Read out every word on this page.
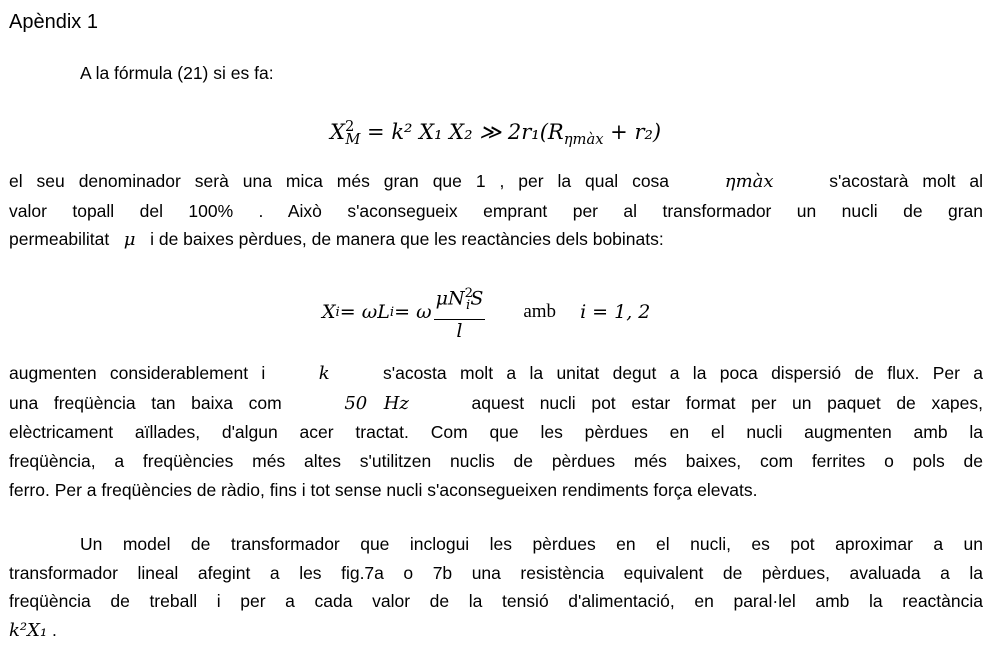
Apèndix 1
A la fórmula (21) si es fa:
$X^2_M = k^2$ X₁ X₂ ≫ $2r_1(R_{\eta màx} + r_2)$
el seu denominador serà una mica més gran que 1 , per la qual cosa	ηmàx	s'acostarà molt al
valor topall del 100% . Això s'aconsegueix emprant per al transformador un nucli de gran
permeabilitat μ i de baixes pèrdues, de manera que les reactàncies dels bobinats:
X i = ωL i = ω $\frac{\mu N^2_iS}{l}$ amb i = 1, 2
augmenten considerablement i	k	s'acosta molt a la unitat degut a la poca dispersió de flux. Per a
una freqüència tan baixa com	50 Hz	aquest nucli pot estar format per un paquet de xapes,
elèctricament aïllades, d'algun acer tractat. Com que les pèrdues en el nucli augmenten amb la
freqüència, a freqüències més altes s'utilitzen nuclis de pèrdues més baixes, com ferrites o pols de
ferro. Per a freqüències de ràdio, fins i tot sense nucli s'aconsegueixen rendiments força elevats.
Un model de transformador que inclogui les pèrdues en el nucli, es pot aproximar a un
transformador lineal afegint a les fig.7a o 7b una resistència equivalent de pèrdues, avaluada a la
freqüència de treball i per a cada valor de la tensió d'alimentació, en paral·lel amb la reactància
k²X₁ .
